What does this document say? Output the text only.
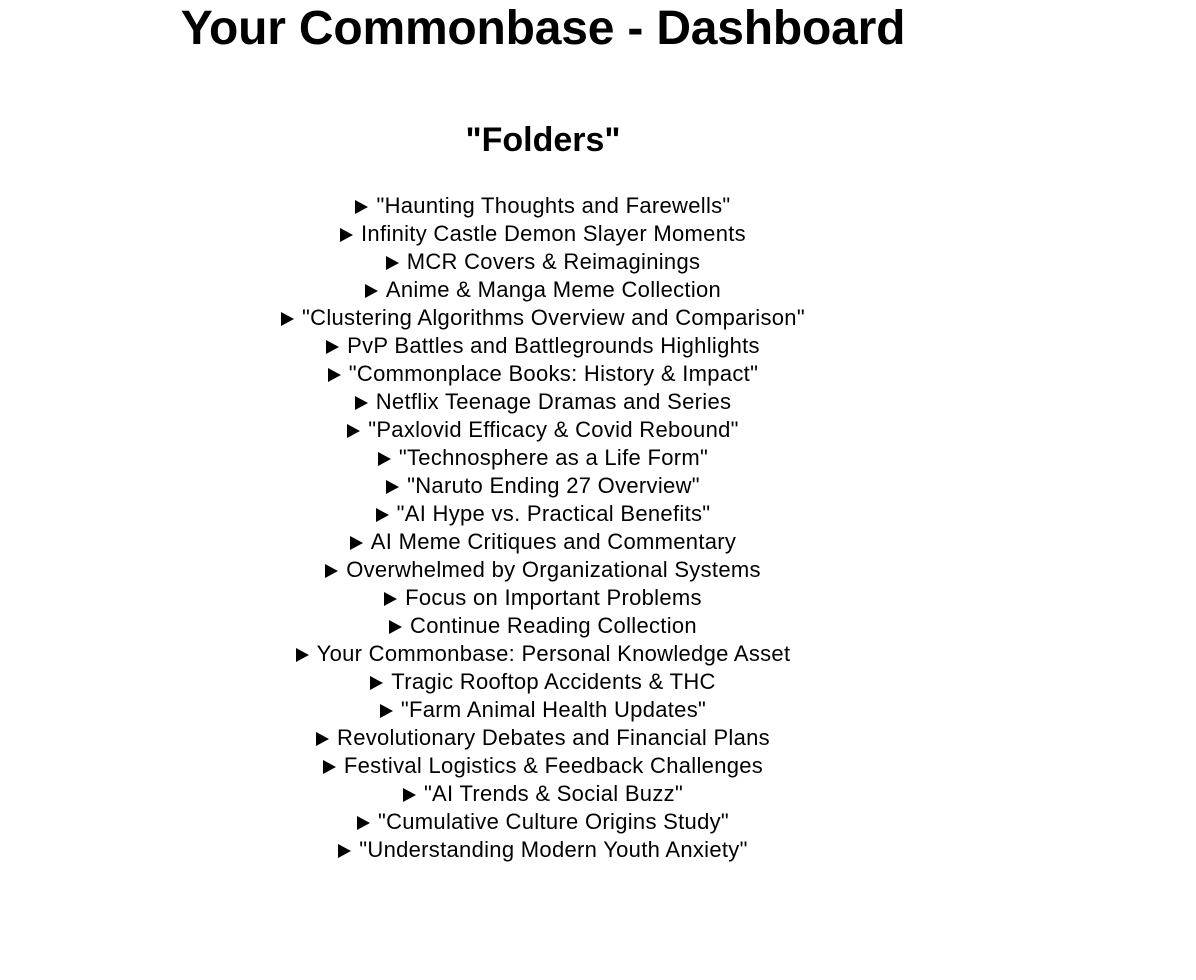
Your Commonbase - Dashboard
"Folders"
"Haunting Thoughts and Farewells"
Infinity Castle Demon Slayer Moments
MCR Covers & Reimaginings
Anime & Manga Meme Collection
"Clustering Algorithms Overview and Comparison"
PvP Battles and Battlegrounds Highlights
"Commonplace Books: History & Impact"
Netflix Teenage Dramas and Series
"Paxlovid Efficacy & Covid Rebound"
"Technosphere as a Life Form"
"Naruto Ending 27 Overview"
"AI Hype vs. Practical Benefits"
AI Meme Critiques and Commentary
Overwhelmed by Organizational Systems
Focus on Important Problems
Continue Reading Collection
Your Commonbase: Personal Knowledge Asset
Tragic Rooftop Accidents & THC
"Farm Animal Health Updates"
Revolutionary Debates and Financial Plans
Festival Logistics & Feedback Challenges
"AI Trends & Social Buzz"
"Cumulative Culture Origins Study"
"Understanding Modern Youth Anxiety"
